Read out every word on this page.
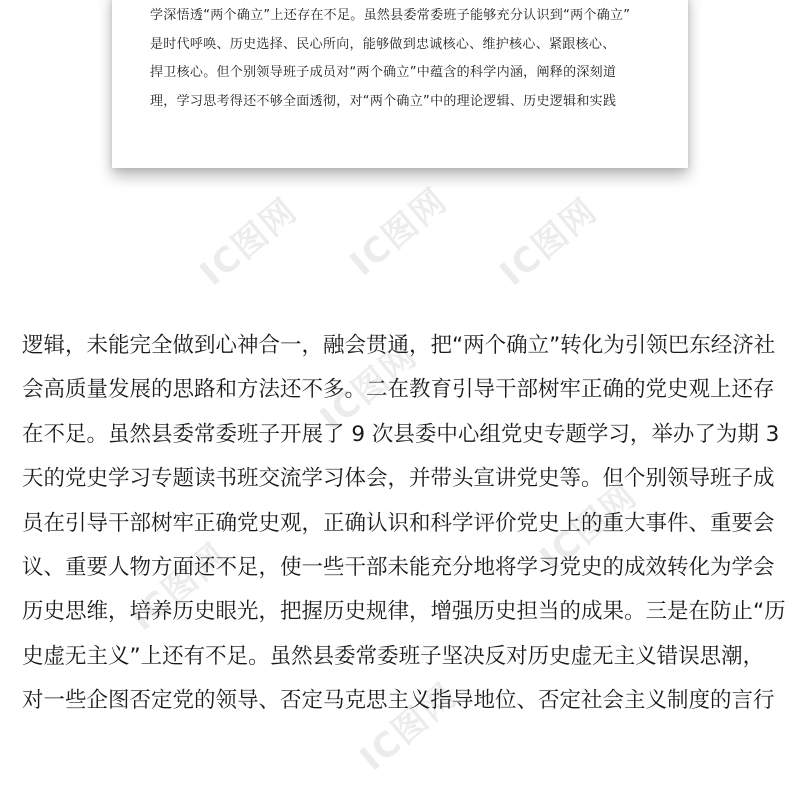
IC图网 IC图网 IC图网
IC图网
IC图网
IC图网
IC图网
学深悟透“两个确立”上还存在不足。虽然县委常委班子能够充分认识到“两个确立”
是时代呼唤、历史选择、民心所向，能够做到忠诚核心、维护核心、紧跟核心、
捍卫核心。但个别领导班子成员对“两个确立”中蕴含的科学内涵，阐释的深刻道
理，学习思考得还不够全面透彻，对“两个确立”中的理论逻辑、历史逻辑和实践
逻辑，未能完全做到心神合一，融会贯通，把“两个确立”转化为引领巴东经济社
会高质量发展的思路和方法还不多。二在教育引导干部树牢正确的党史观上还存
在不足。虽然县委常委班子开展了 9 次县委中心组党史专题学习，举办了为期 3
天的党史学习专题读书班交流学习体会，并带头宣讲党史等。但个别领导班子成
员在引导干部树牢正确党史观，正确认识和科学评价党史上的重大事件、重要会
议、重要人物方面还不足，使一些干部未能充分地将学习党史的成效转化为学会
历史思维，培养历史眼光，把握历史规律，增强历史担当的成果。三是在防止“历
史虚无主义”上还有不足。虽然县委常委班子坚决反对历史虚无主义错误思潮，
对一些企图否定党的领导、否定马克思主义指导地位、否定社会主义制度的言行
